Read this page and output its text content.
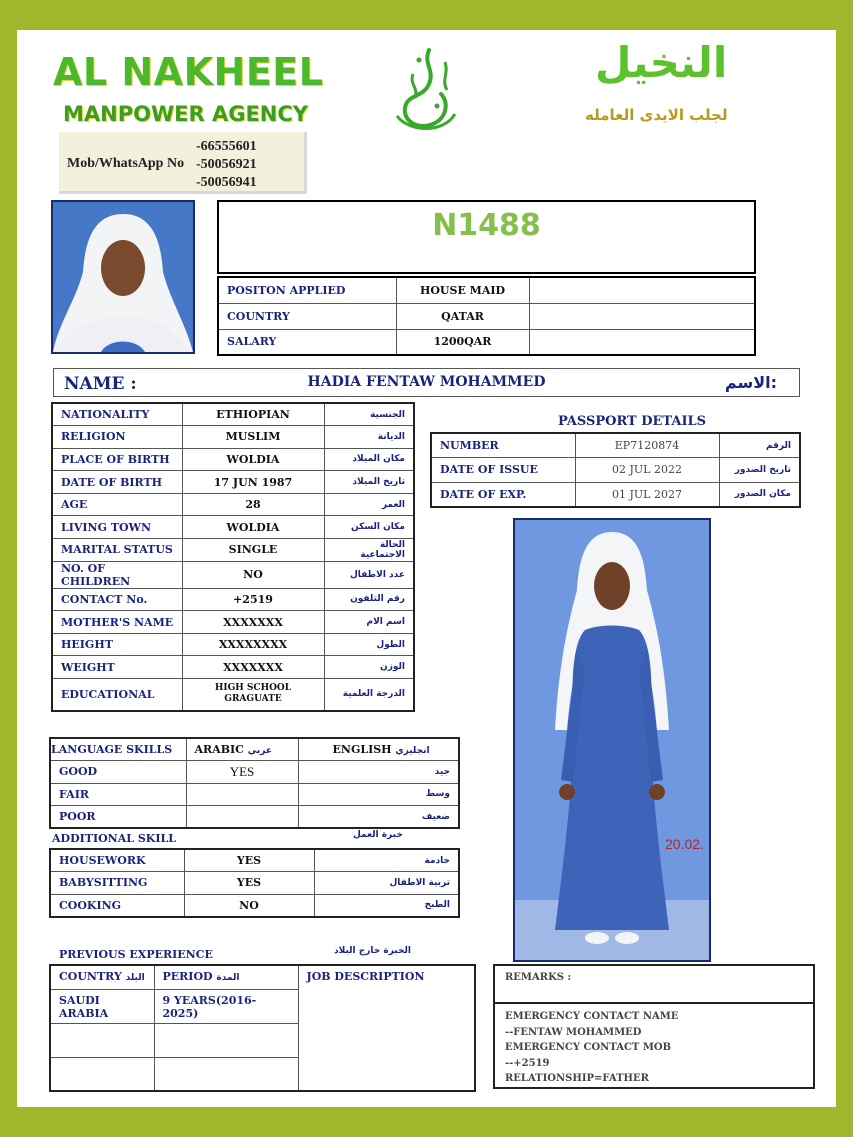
AL NAKHEEL
MANPOWER AGENCY
Mob/WhatsApp No
-66555601
-50056921
-50056941
النخيل
لجلب الايدى العامله
N1488
POSITON APPLIED	HOUSE MAID	
COUNTRY	QATAR	
SALARY	1200QAR	
NAME :	HADIA FENTAW MOHAMMED	الاسم:
NATIONALITY	ETHIOPIAN	الجنسية
RELIGION	MUSLIM	الديانة
PLACE OF BIRTH	WOLDIA	مكان الميلاد
DATE OF BIRTH	17 JUN 1987	تاريخ الميلاد
AGE	28	العمر
LIVING TOWN	WOLDIA	مكان السكن
MARITAL STATUS	SINGLE	الحالة الاجتماعية
NO. OF CHILDREN	NO	عدد الاطفال
CONTACT No.	+2519	رقم التلفون
MOTHER'S NAME	XXXXXXX	اسم الام
HEIGHT	XXXXXXXX	الطول
WEIGHT	XXXXXXX	الوزن
EDUCATIONAL	HIGH SCHOOL GRAGUATE	الدرجة العلمية
PASSPORT DETAILS
NUMBER	EP7120874	الرقم
DATE OF ISSUE	02 JUL 2022	تاريخ الصدور
DATE OF EXP.	01 JUL 2027	مكان الصدور
20.02.
LANGUAGE SKILLS	ARABIC عربي	ENGLISH انجليزي
GOOD	YES	جيد
FAIR		وسط
POOR		ضعيف
ADDITIONAL SKILL	خبرة العمل
HOUSEWORK	YES	خادمة
BABYSITTING	YES	تربية الاطفال
COOKING	NO	الطبخ
PREVIOUS EXPERIENCE	الخبرة خارج البلاد
COUNTRY البلد	PERIOD المدة	JOB DESCRIPTION
SAUDI ARABIA	9 YEARS(2016-2025)	

REMARKS :
EMERGENCY CONTACT NAME
--FENTAW MOHAMMED
EMERGENCY CONTACT MOB
--+2519
RELATIONSHIP=FATHER
